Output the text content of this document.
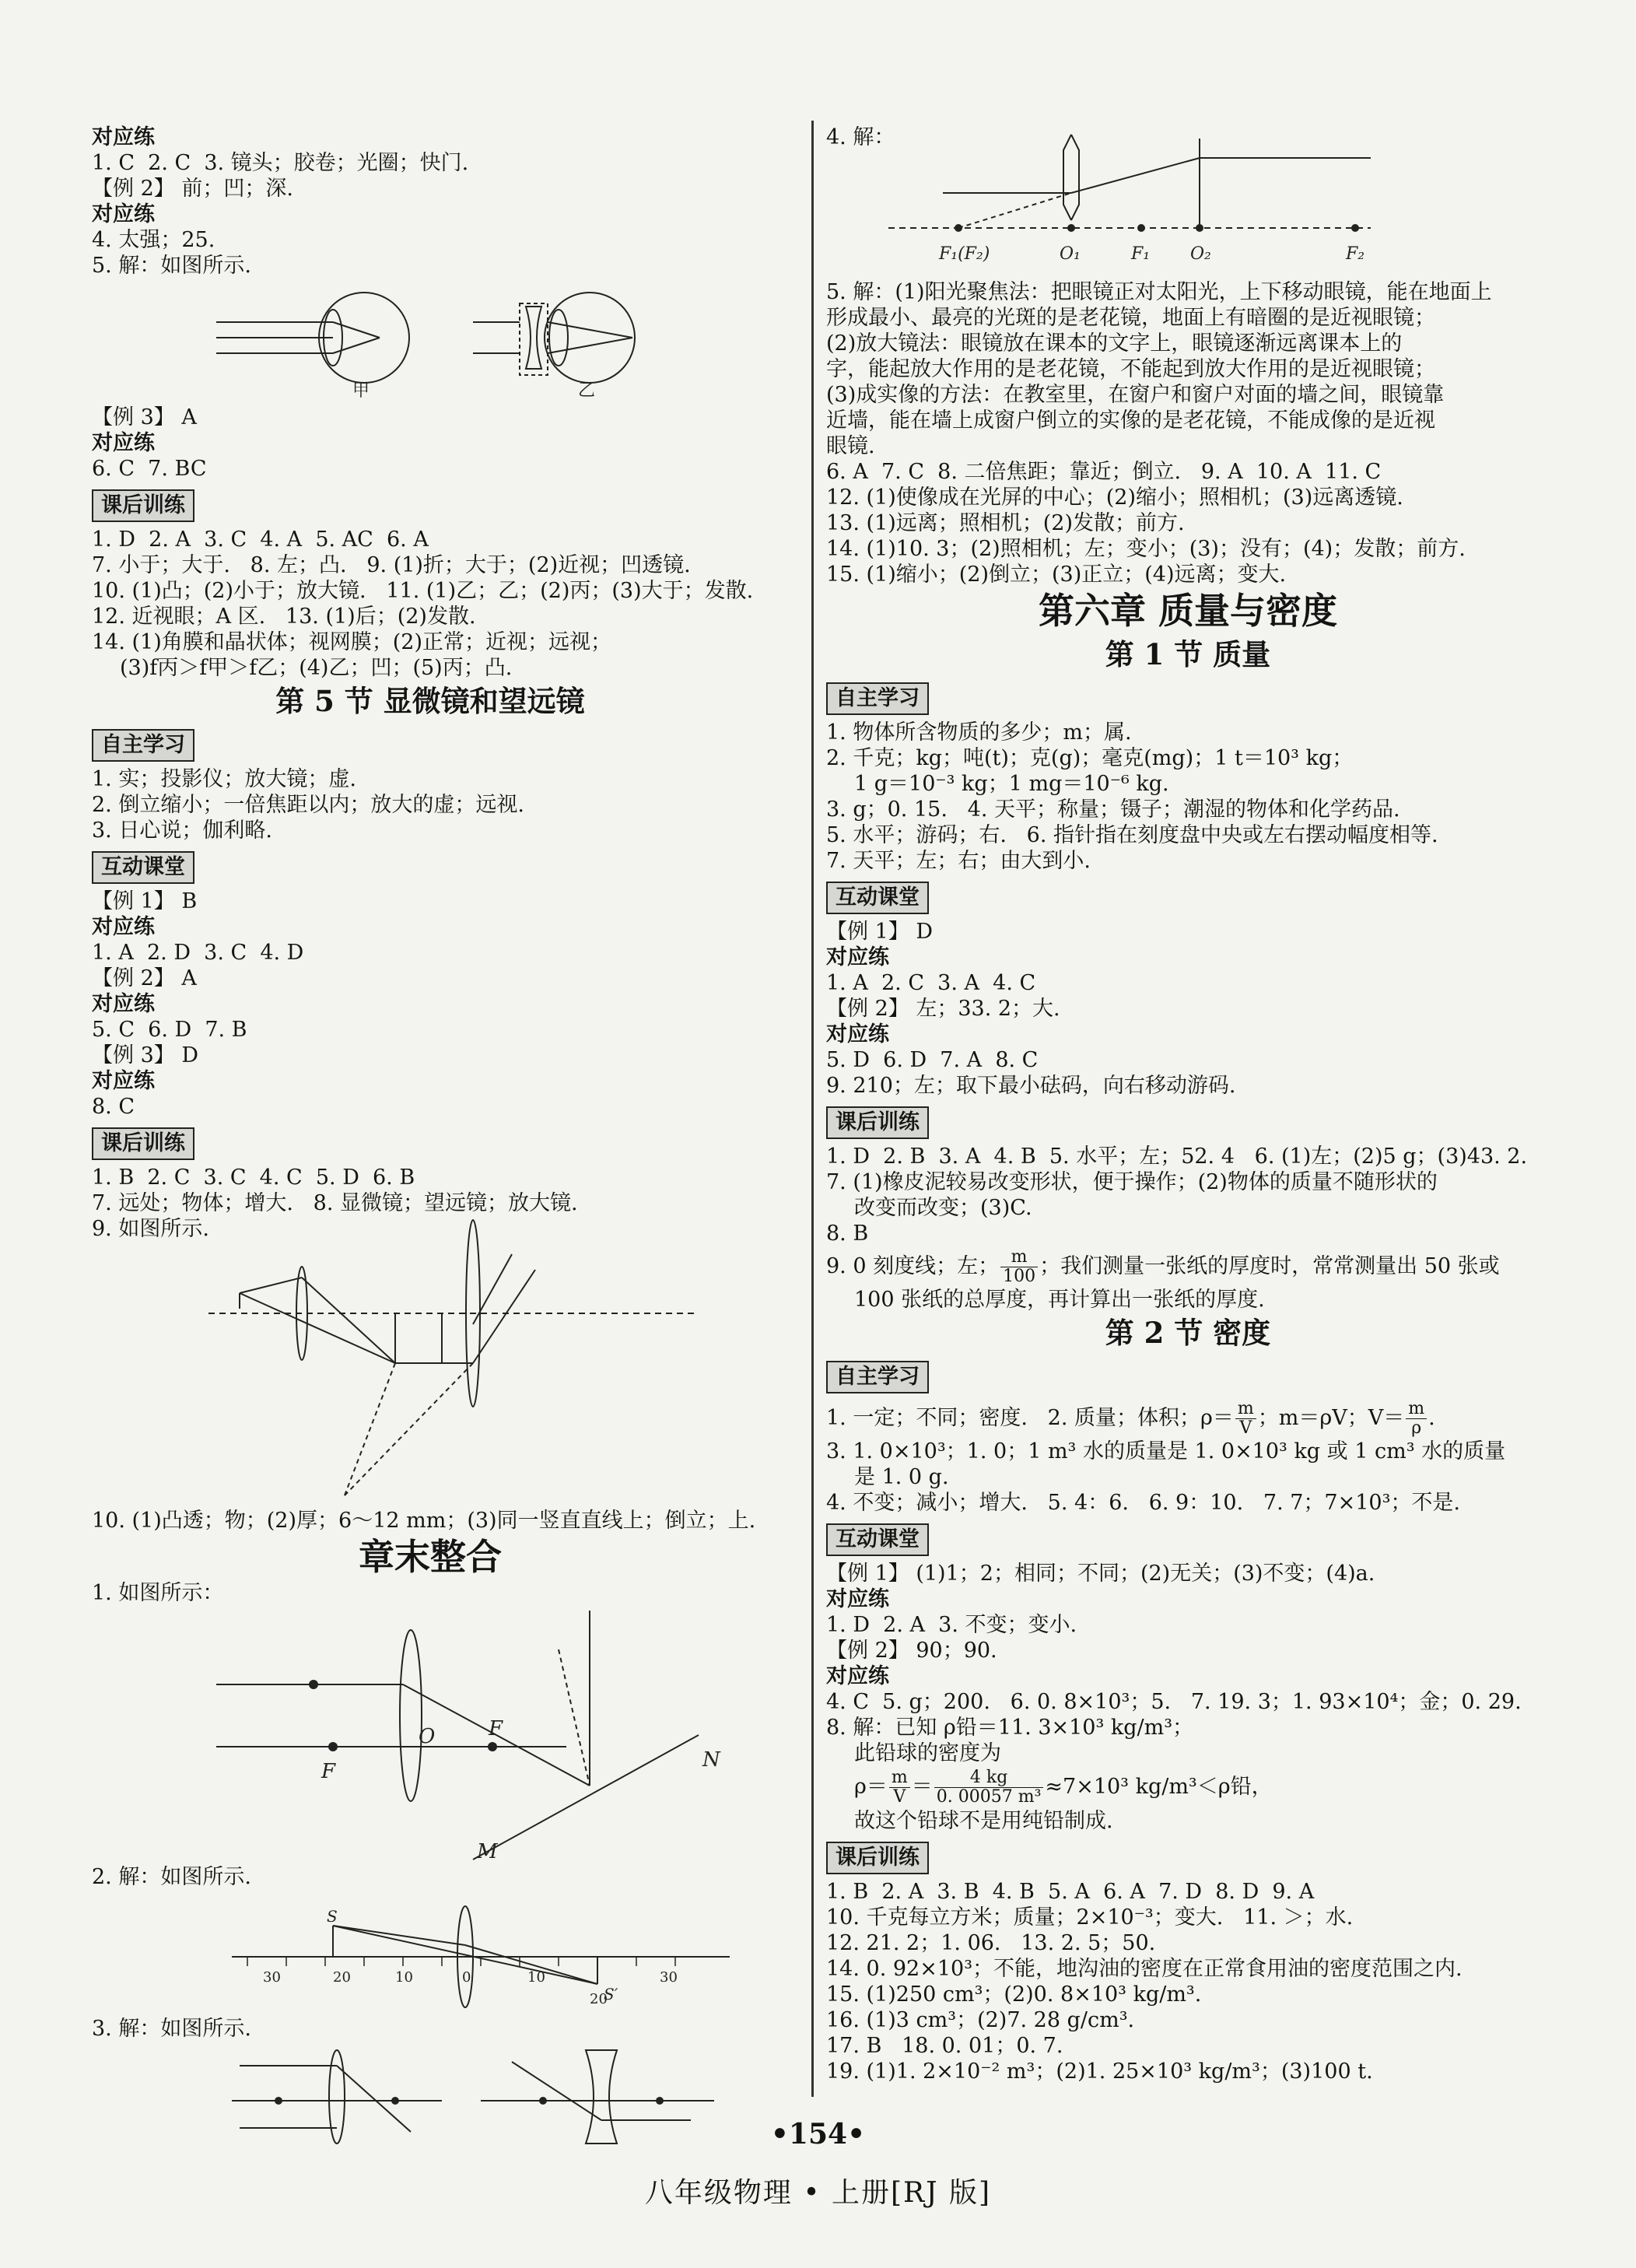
对应练
1. C  2. C  3. 镜头；胶卷；光圈；快门.
【例 2】 前；凹；深.
对应练
4. 太强；25.
5. 解：如图所示.
甲	乙
【例 3】 A
对应练
6. C  7. BC
课后训练
1. D  2. A  3. C  4. A  5. AC  6. A
7. 小于；大于.   8. 左；凸.   9. (1)折；大于；(2)近视；凹透镜.
10. (1)凸；(2)小于；放大镜.   11. (1)乙；乙；(2)丙；(3)大于；发散.
12. 近视眼；A 区.   13. (1)后；(2)发散.
14. (1)角膜和晶状体；视网膜；(2)正常；近视；远视；
(3)f丙＞f甲＞f乙；(4)乙；凹；(5)丙；凸.
第 5 节 显微镜和望远镜
自主学习
1. 实；投影仪；放大镜；虚.
2. 倒立缩小；一倍焦距以内；放大的虚；远视.
3. 日心说；伽利略.
互动课堂
【例 1】 B
对应练
1. A  2. D  3. C  4. D
【例 2】 A
对应练
5. C  6. D  7. B
【例 3】 D
对应练
8. C
课后训练
1. B  2. C  3. C  4. C  5. D  6. B
7. 远处；物体；增大.   8. 显微镜；望远镜；放大镜.
9. 如图所示.
10. (1)凸透；物；(2)厚；6～12 mm；(3)同一竖直直线上；倒立；上.
章末整合
1. 如图所示：
F
O	F
N
M
2. 解：如图所示.
S
S′
30	20	10	0	10
20
30
3. 解：如图所示.
4. 解：
F₁(F₂)	O₁	F₁ O₂	F₂
5. 解：(1)阳光聚焦法：把眼镜正对太阳光，上下移动眼镜，能在地面上
形成最小、最亮的光斑的是老花镜，地面上有暗圈的是近视眼镜；
(2)放大镜法：眼镜放在课本的文字上，眼镜逐渐远离课本上的
字，能起放大作用的是老花镜，不能起到放大作用的是近视眼镜；
(3)成实像的方法：在教室里，在窗户和窗户对面的墙之间，眼镜靠
近墙，能在墙上成窗户倒立的实像的是老花镜，不能成像的是近视
眼镜.
6. A  7. C  8. 二倍焦距；靠近；倒立.   9. A  10. A  11. C
12. (1)使像成在光屏的中心；(2)缩小；照相机；(3)远离透镜.
13. (1)远离；照相机；(2)发散；前方.
14. (1)10. 3；(2)照相机；左；变小；(3)；没有；(4)；发散；前方.
15. (1)缩小；(2)倒立；(3)正立；(4)远离；变大.
第六章 质量与密度
第 1 节 质量
自主学习
1. 物体所含物质的多少；m；属.
2. 千克；kg；吨(t)；克(g)；毫克(mg)；1 t＝10³ kg；
1 g＝10⁻³ kg；1 mg＝10⁻⁶ kg.
3. g；0. 15.   4. 天平；称量；镊子；潮湿的物体和化学药品.
5. 水平；游码；右.   6. 指针指在刻度盘中央或左右摆动幅度相等.
7. 天平；左；右；由大到小.
互动课堂
【例 1】 D
对应练
1. A  2. C  3. A  4. C
【例 2】 左；33. 2；大.
对应练
5. D  6. D  7. A  8. C
9. 210；左；取下最小砝码，向右移动游码.
课后训练
1. D  2. B  3. A  4. B  5. 水平；左；52. 4   6. (1)左；(2)5 g；(3)43. 2.
7. (1)橡皮泥较易改变形状，便于操作；(2)物体的质量不随形状的
改变而改变；(3)C.
8. B
9. 0 刻度线；左； $\frac{m}{100}$ ；我们测量一张纸的厚度时，常常测量出 50 张或
100 张纸的总厚度，再计算出一张纸的厚度.
第 2 节 密度
自主学习
1. 一定；不同；密度.   2. 质量；体积；$\rho= \frac{m}{V}$ ；m＝ρV；$V= \frac{m}{\rho}$ .
3. 1. 0×10³；1. 0；1 m³ 水的质量是 1. 0×10³ kg 或 1 cm³ 水的质量
是 1. 0 g.
4. 不变；减小；增大.   5. 4：6.   6. 9：10.   7. 7；7×10³；不是.
互动课堂
【例 1】 (1)1；2；相同；不同；(2)无关；(3)不变；(4)a.
对应练
1. D  2. A  3. 不变；变小.
【例 2】 90；90.
对应练
4. C  5. g；200.   6. 0. 8×10³；5.   7. 19. 3；1. 93×10⁴；金；0. 29.
8. 解：已知 ρ铅＝11. 3×10³ kg/m³；
此铅球的密度为
$\rho= \frac{m}{V} = \frac{4 kg}{\text{0. 00057 m³}} \approx 7\times 10^3$ kg/m³＜ρ铅，
故这个铅球不是用纯铅制成.
课后训练
1. B  2. A  3. B  4. B  5. A  6. A  7. D  8. D  9. A
10. 千克每立方米；质量；2×10⁻³；变大.   11. ＞；水.
12. 21. 2；1. 06.   13. 2. 5；50.
14. 0. 92×10³；不能，地沟油的密度在正常食用油的密度范围之内.
15. (1)250 cm³；(2)0. 8×10³ kg/m³.
16. (1)3 cm³；(2)7. 28 g/cm³.
17. B   18. 0. 01；0. 7.
19. (1)1. 2×10⁻² m³；(2)1. 25×10³ kg/m³；(3)100 t.
•154•
八年级物理 • 上册[RJ 版]
